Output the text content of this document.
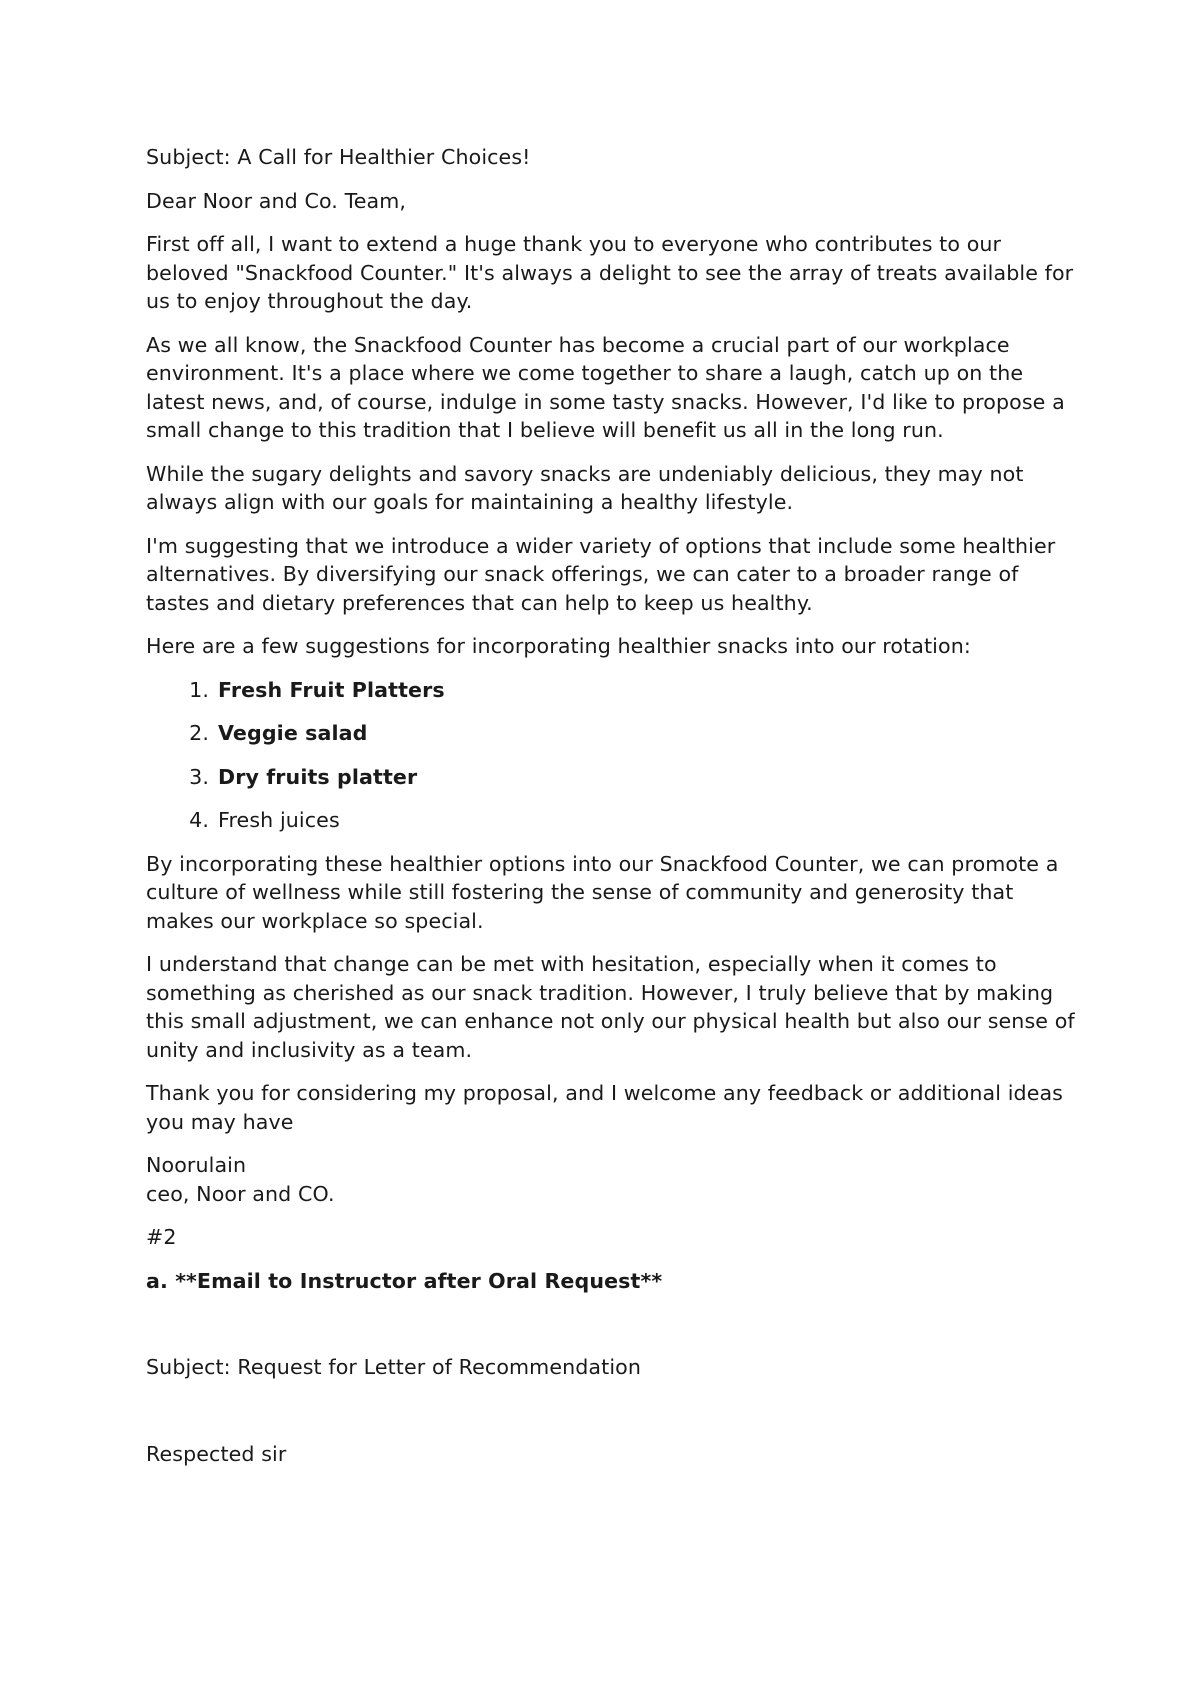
Subject: A Call for Healthier Choices!

Dear Noor and Co. Team,

First off all, I want to extend a huge thank you to everyone who contributes to our beloved "Snackfood Counter." It's always a delight to see the array of treats available for us to enjoy throughout the day.

As we all know, the Snackfood Counter has become a crucial part of our workplace environment. It's a place where we come together to share a laugh, catch up on the latest news, and, of course, indulge in some tasty snacks. However, I'd like to propose a small change to this tradition that I believe will benefit us all in the long run.

While the sugary delights and savory snacks are undeniably delicious, they may not always align with our goals for maintaining a healthy lifestyle.

I'm suggesting that we introduce a wider variety of options that include some healthier alternatives. By diversifying our snack offerings, we can cater to a broader range of tastes and dietary preferences that can help to keep us healthy.

Here are a few suggestions for incorporating healthier snacks into our rotation:

1. Fresh Fruit Platters
2. Veggie salad
3. Dry fruits platter
4. Fresh juices

By incorporating these healthier options into our Snackfood Counter, we can promote a culture of wellness while still fostering the sense of community and generosity that makes our workplace so special.

I understand that change can be met with hesitation, especially when it comes to something as cherished as our snack tradition. However, I truly believe that by making this small adjustment, we can enhance not only our physical health but also our sense of unity and inclusivity as a team.

Thank you for considering my proposal, and I welcome any feedback or additional ideas you may have

Noorulain
ceo, Noor and CO.

#2

a. **Email to Instructor after Oral Request**

Subject: Request for Letter of Recommendation

Respected sir
